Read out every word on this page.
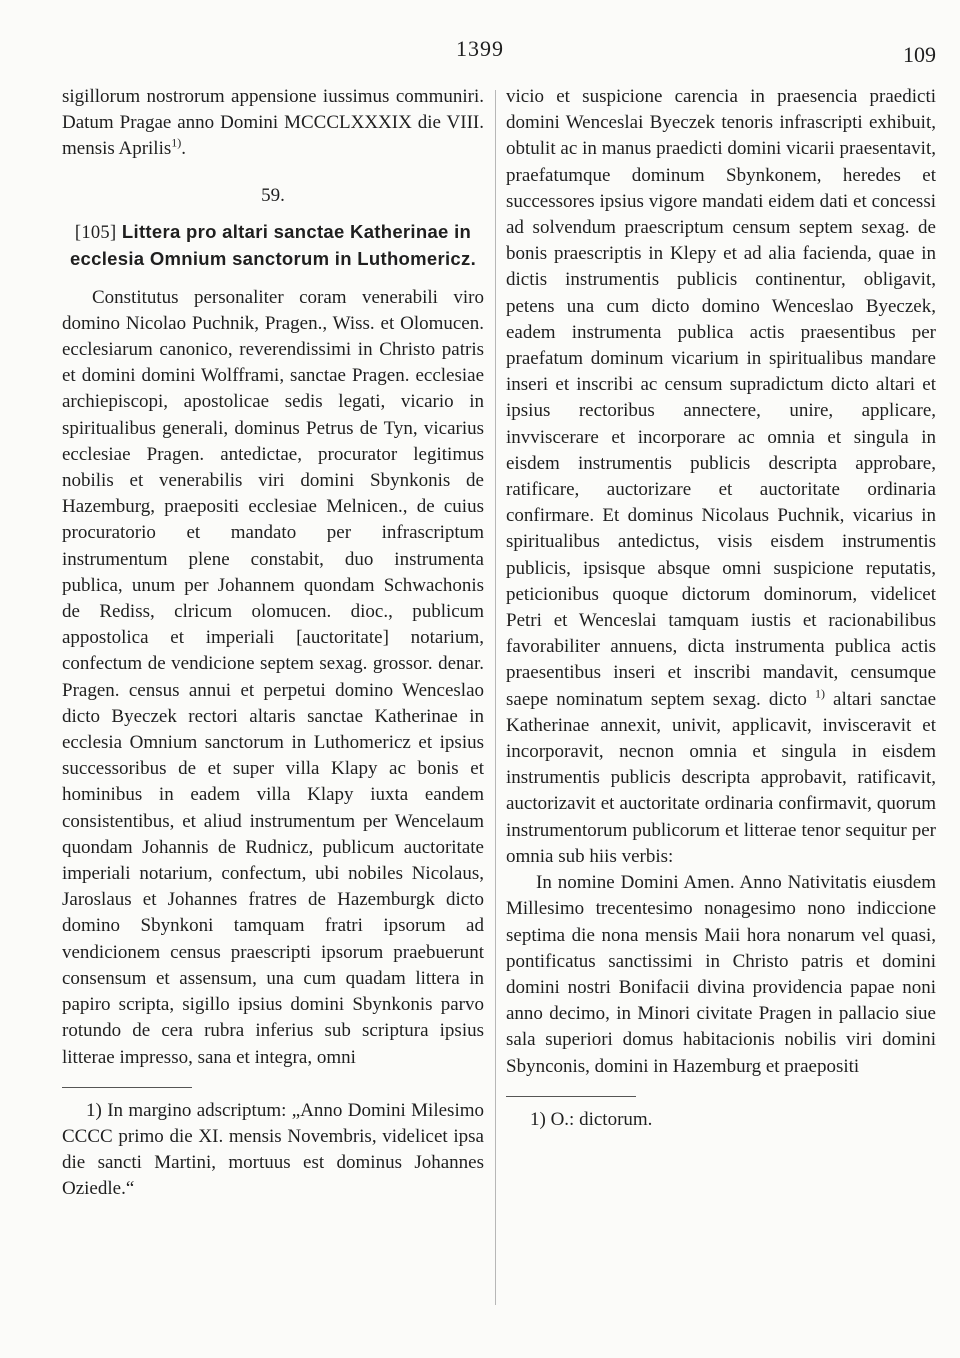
1399	109

sigillorum nostrorum appensione iussimus communiri. Datum Pragae anno Domini MCCCLXXXIX die VIII. mensis Aprilis$^{1)}$.

59.
[105] Littera pro altari sanctae Katherinae in ecclesia Omnium sanctorum in Luthomericz.

Constitutus personaliter coram venerabili viro domino Nicolao Puchnik, Pragen., Wiss. et Olomucen. ecclesiarum canonico, reverendissimi in Christo patris et domini domini Wolfframi, sanctae Pragen. ecclesiae archiepiscopi, apostolicae sedis legati, vicario in spiritualibus generali, dominus Petrus de Tyn, vicarius ecclesiae Pragen. antedictae, procurator legitimus nobilis et venerabilis viri domini Sbynkonis de Hazemburg, praepositi ecclesiae Melnicen., de cuius procuratorio et mandato per infrascriptum instrumentum plene constabit, duo instrumenta publica, unum per Johannem quondam Schwachonis de Rediss, clricum olomucen. dioc., publicum appostolica et imperiali [auctoritate] notarium, confectum de vendicione septem sexag. grossor. denar. Pragen. census annui et perpetui domino Wenceslao dicto Byeczek rectori altaris sanctae Katherinae in ecclesia Omnium sanctorum in Luthomericz et ipsius successoribus de et super villa Klapy ac bonis et hominibus in eadem villa Klapy iuxta eandem consistentibus, et aliud instrumentum per Wencelaum quondam Johannis de Rudnicz, publicum auctoritate imperiali notarium, confectum, ubi nobiles Nicolaus, Jaroslaus et Johannes fratres de Hazemburgk dicto domino Sbynkoni tamquam fratri ipsorum ad vendicionem census praescripti ipsorum praebuerunt consensum et assensum, una cum quadam littera in papiro scripta, sigillo ipsius domini Sbynkonis parvo rotundo de cera rubra inferius sub scriptura ipsius litterae impresso, sana et integra, omni

1) In margino adscriptum: „Anno Domini Milesimo CCCC primo die XI. mensis Novembris, videlicet ipsa die sancti Martini, mortuus est dominus Johannes Oziedle.“

vicio et suspicione carencia in praesencia praedicti domini Wenceslai Byeczek tenoris infrascripti exhibuit, obtulit ac in manus praedicti domini vicarii praesentavit, praefatumque dominum Sbynkonem, heredes et successores ipsius vigore mandati eidem dati et concessi ad solvendum praescriptum censum septem sexag. de bonis praescriptis in Klepy et ad alia facienda, quae in dictis instrumentis publicis continentur, obligavit, petens una cum dicto domino Wenceslao Byeczek, eadem instrumenta publica actis praesentibus per praefatum dominum vicarium in spiritualibus mandare inseri et inscribi ac censum supradictum dicto altari et ipsius rectoribus annectere, unire, applicare, invviscerare et incorporare ac omnia et singula in eisdem instrumentis publicis descripta approbare, ratificare, auctorizare et auctoritate ordinaria confirmare. Et dominus Nicolaus Puchnik, vicarius in spiritualibus antedictus, visis eisdem instrumentis publicis, ipsisque absque omni suspicione reputatis, peticionibus quoque dictorum dominorum, videlicet Petri et Wenceslai tamquam iustis et racionabilibus favorabiliter annuens, dicta instrumenta publica actis praesentibus inseri et inscribi mandavit, censumque saepe nominatum septem sexag. dicto $^{1)}$ altari sanctae Katherinae annexit, univit, applicavit, invisceravit et incorporavit, necnon omnia et singula in eisdem instrumentis publicis descripta approbavit, ratificavit, auctorizavit et auctoritate ordinaria confirmavit, quorum instrumentorum publicorum et litterae tenor sequitur per omnia sub hiis verbis:

In nomine Domini Amen. Anno Nativitatis eiusdem Millesimo trecentesimo nonagesimo nono indiccione septima die nona mensis Maii hora nonarum vel quasi, pontificatus sanctissimi in Christo patris et domini domini nostri Bonifacii divina providencia papae noni anno decimo, in Minori civitate Pragen in pallacio siue sala superiori domus habitacionis nobilis viri domini Sbynconis, domini in Hazemburg et praepositi

1) O.: dictorum.
